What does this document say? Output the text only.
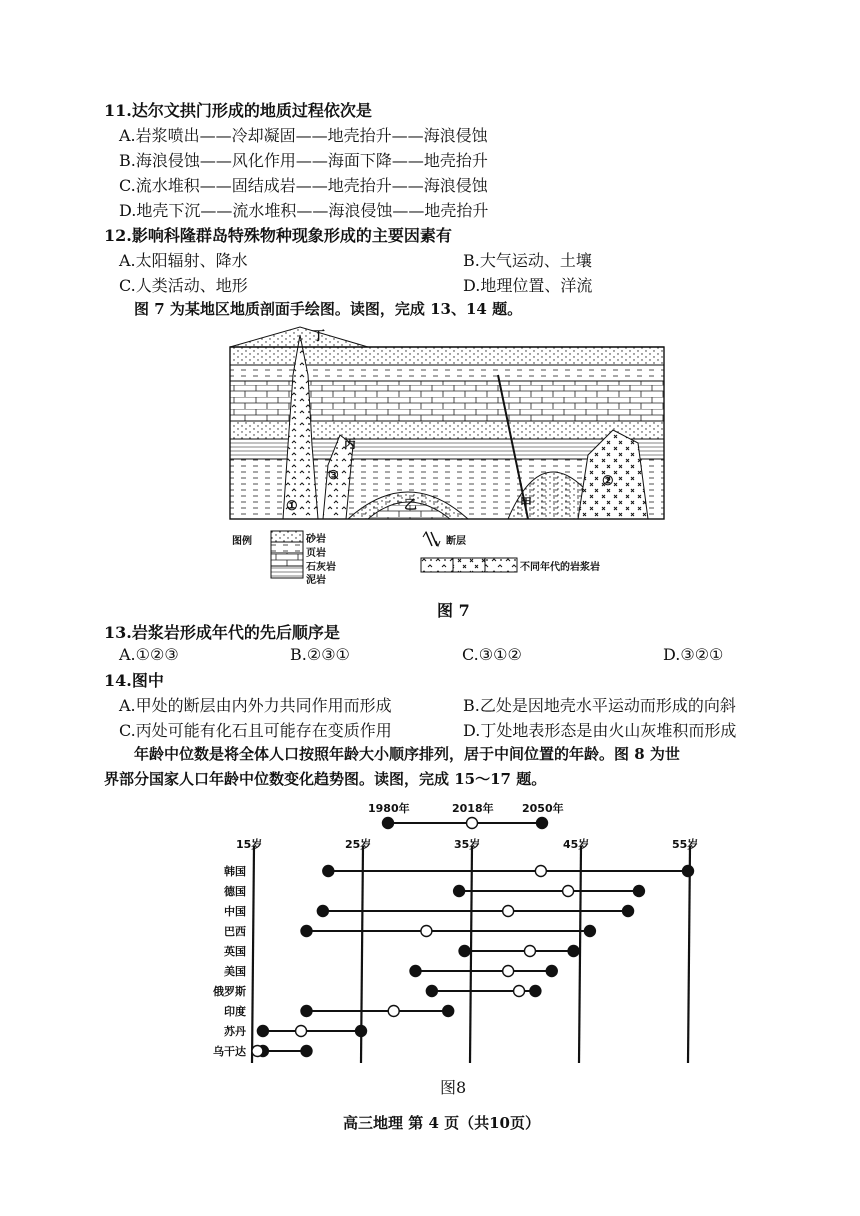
11.达尔文拱门形成的地质过程依次是
A.岩浆喷出——冷却凝固——地壳抬升——海浪侵蚀
B.海浪侵蚀——风化作用——海面下降——地壳抬升
C.流水堆积——固结成岩——地壳抬升——海浪侵蚀
D.地壳下沉——流水堆积——海浪侵蚀——地壳抬升
12.影响科隆群岛特殊物种现象形成的主要因素有
A.太阳辐射、降水	B.大气运动、土壤
C.人类活动、地形	D.地理位置、洋流
图 7 为某地区地质剖面手绘图。读图，完成 13、14 题。
丁
丙
乙	甲
①
②
③
图例	砂岩
页岩
石灰岩
泥岩
断层
不同年代的岩浆岩
图 7
13.岩浆岩形成年代的先后顺序是
A.①②③	B.②③①	C.③①②	D.③②①
14.图中
A.甲处的断层由内外力共同作用而形成	B.乙处是因地壳水平运动而形成的向斜
C.丙处可能有化石且可能存在变质作用	D.丁处地表形态是由火山灰堆积而形成
年龄中位数是将全体人口按照年龄大小顺序排列，居于中间位置的年龄。图 8 为世
界部分国家人口年龄中位数变化趋势图。读图，完成 15～17 题。
1980年	2018年	2050年
15岁	25岁	35岁	45岁	55岁
韩国
德国
中国
巴西
英国
美国
俄罗斯
印度
苏丹
乌干达
图8
高三地理 第 4 页（共10页）
